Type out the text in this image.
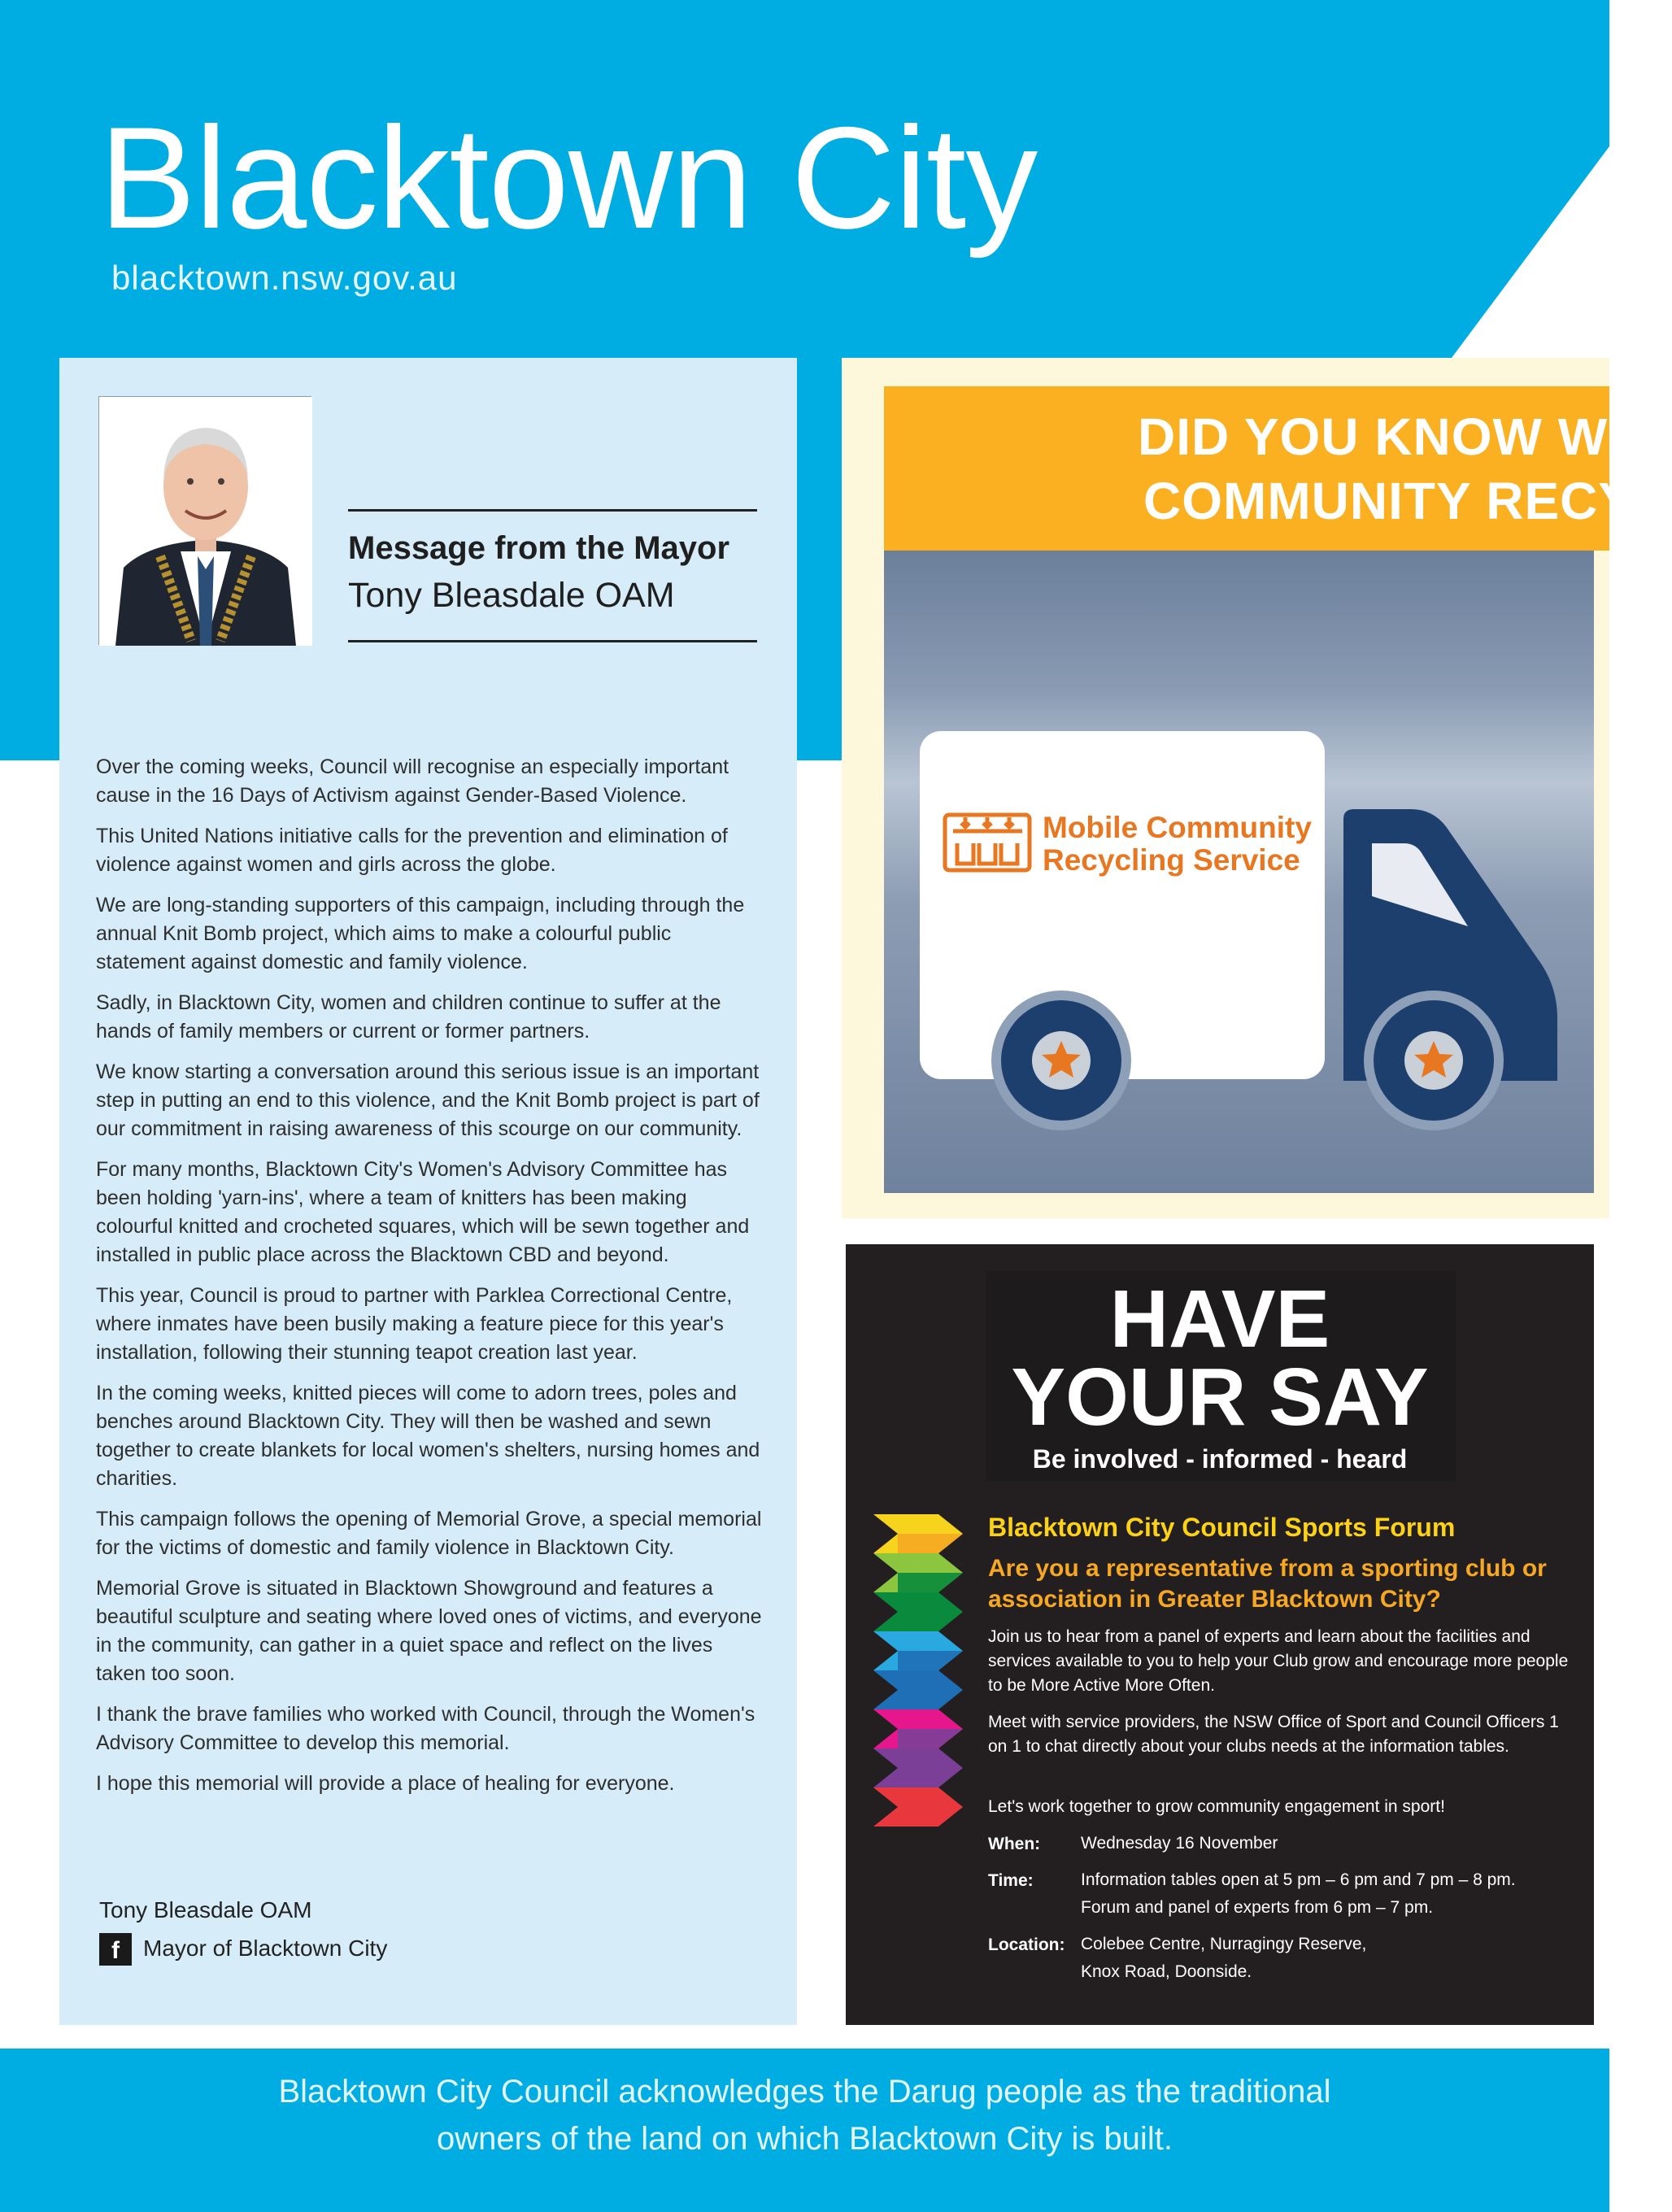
Blacktown City
blacktown.nsw.gov.au
Message from the Mayor
Tony Bleasdale OAM

Over the coming weeks, Council will recognise an especially important cause in the 16 Days of Activism against Gender-Based Violence.

This United Nations initiative calls for the prevention and elimination of violence against women and girls across the globe.

We are long-standing supporters of this campaign, including through the annual Knit Bomb project, which aims to make a colourful public statement against domestic and family violence.

Sadly, in Blacktown City, women and children continue to suffer at the hands of family members or current or former partners.

We know starting a conversation around this serious issue is an important step in putting an end to this violence, and the Knit Bomb project is part of our commitment in raising awareness of this scourge on our community.

For many months, Blacktown City's Women's Advisory Committee has been holding 'yarn-ins', where a team of knitters has been making colourful knitted and crocheted squares, which will be sewn together and installed in public place across the Blacktown CBD and beyond.

This year, Council is proud to partner with Parklea Correctional Centre, where inmates have been busily making a feature piece for this year's installation, following their stunning teapot creation last year.

In the coming weeks, knitted pieces will come to adorn trees, poles and benches around Blacktown City. They will then be washed and sewn together to create blankets for local women's shelters, nursing homes and charities.

This campaign follows the opening of Memorial Grove, a special memorial for the victims of domestic and family violence in Blacktown City.

Memorial Grove is situated in Blacktown Showground and features a beautiful sculpture and seating where loved ones of victims, and everyone in the community, can gather in a quiet space and reflect on the lives taken too soon.

I thank the brave families who worked with Council, through the Women's Advisory Committee to develop this memorial.

I hope this memorial will provide a place of healing for everyone.

Tony Bleasdale OAM
f	Mayor of Blacktown City
DID YOU KNOW WE
COMMUNITY RECYC
Mobile Community
Recycling Service
HAVE
YOUR SAY
Be involved - informed - heard
Blacktown City Council Sports Forum
Are you a representative from a sporting club or association in Greater Blacktown City?
Join us to hear from a panel of experts and learn about the facilities and services available to you to help your Club grow and encourage more people to be More Active More Often.
Meet with service providers, the NSW Office of Sport and Council Officers 1 on 1 to chat directly about your clubs needs at the information tables.
Let's work together to grow community engagement in sport!
When: Wednesday 16 November
Time:	Information tables open at 5 pm – 6 pm and 7 pm – 8 pm.
Forum and panel of experts from 6 pm – 7 pm.
Location: Colebee Centre, Nurragingy Reserve,
Knox Road, Doonside.
Blacktown City Council acknowledges the Darug people as the traditional
owners of the land on which Blacktown City is built.
